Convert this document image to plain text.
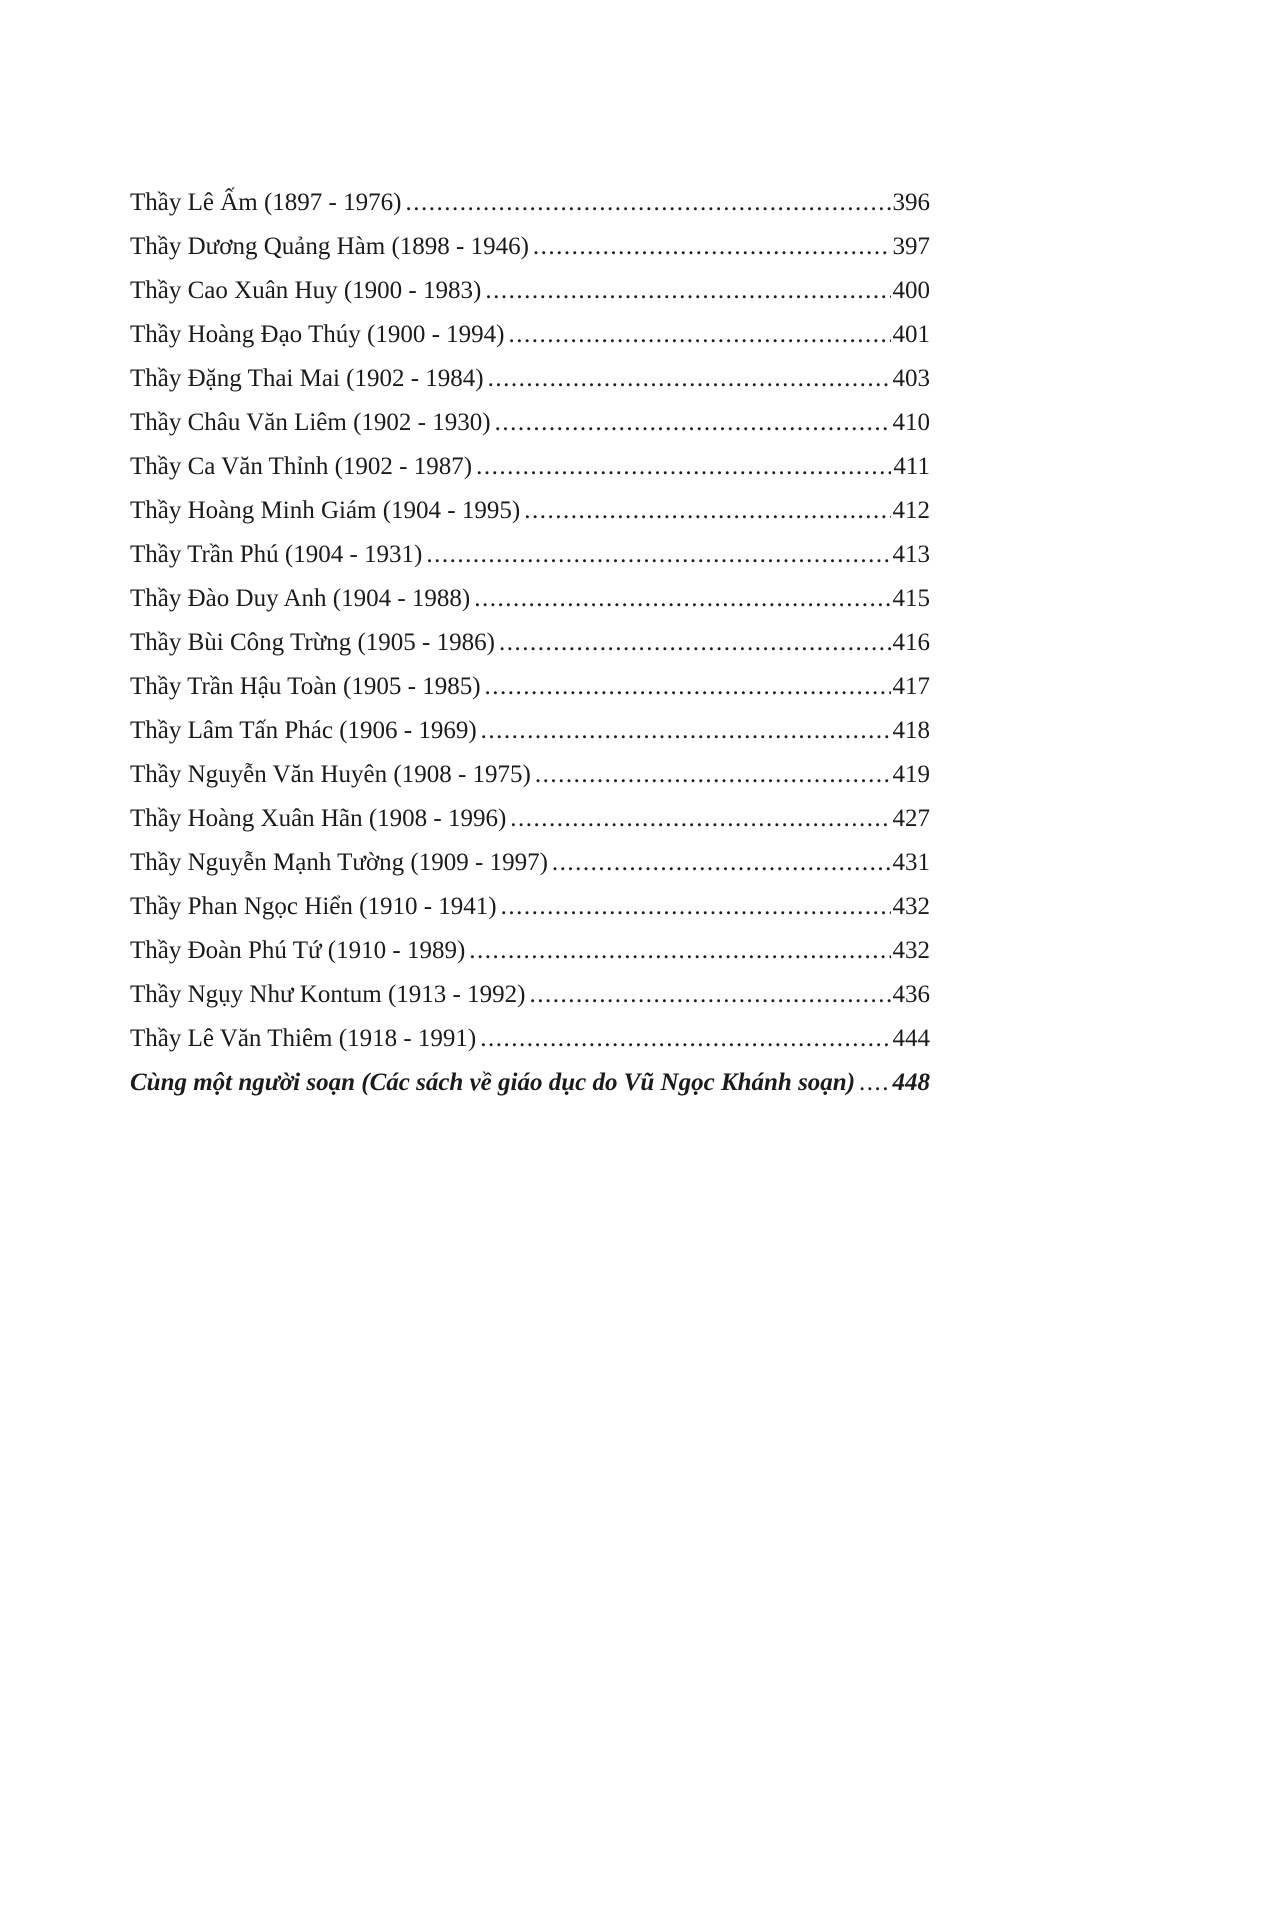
Thầy Lê Ấm (1897 - 1976) .....	396
Thầy Dương Quảng Hàm (1898 - 1946) .....	397
Thầy Cao Xuân Huy (1900 - 1983) .....	400
Thầy Hoàng Đạo Thúy (1900 - 1994) .....	401
Thầy Đặng Thai Mai (1902 - 1984) .....	403
Thầy Châu Văn Liêm (1902 - 1930) .....	410
Thầy Ca Văn Thỉnh (1902 - 1987) .....	411
Thầy Hoàng Minh Giám (1904 - 1995) .....	412
Thầy Trần Phú (1904 - 1931) .....	413
Thầy Đào Duy Anh (1904 - 1988) .....	415
Thầy Bùi Công Trừng (1905 - 1986) .....	416
Thầy Trần Hậu Toàn (1905 - 1985) .....	417
Thầy Lâm Tấn Phác (1906 - 1969) .....	418
Thầy Nguyễn Văn Huyên (1908 - 1975) .....	419
Thầy Hoàng Xuân Hãn (1908 - 1996) .....	427
Thầy Nguyễn Mạnh Tường (1909 - 1997) .....	431
Thầy Phan Ngọc Hiển (1910 - 1941) .....	432
Thầy Đoàn Phú Tứ (1910 - 1989) .....	432
Thầy Ngụy Như Kontum (1913 - 1992) .....	436
Thầy Lê Văn Thiêm (1918 - 1991) .....	444
Cùng một người soạn (Các sách về giáo dục do Vũ Ngọc Khánh soạn) ..... 448
